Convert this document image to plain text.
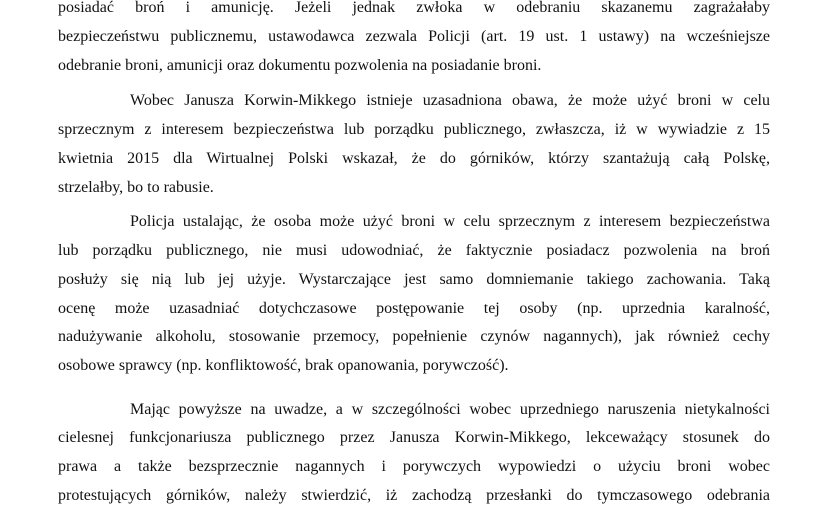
posiadać broń i amunicję. Jeżeli jednak zwłoka w odebraniu skazanemu zagrażałaby
bezpieczeństwu publicznemu, ustawodawca zezwala Policji (art. 19 ust. 1 ustawy) na wcześniejsze
odebranie broni, amunicji oraz dokumentu pozwolenia na posiadanie broni.
Wobec Janusza Korwin-Mikkego istnieje uzasadniona obawa, że może użyć broni w celu
sprzecznym z interesem bezpieczeństwa lub porządku publicznego, zwłaszcza, iż w wywiadzie z 15
kwietnia 2015 dla Wirtualnej Polski wskazał, że do górników, którzy szantażują całą Polskę,
strzelałby, bo to rabusie.
Policja ustalając, że osoba może użyć broni w celu sprzecznym z interesem bezpieczeństwa
lub porządku publicznego, nie musi udowodniać, że faktycznie posiadacz pozwolenia na broń
posłuży się nią lub jej użyje. Wystarczające jest samo domniemanie takiego zachowania. Taką
ocenę może uzasadniać dotychczasowe postępowanie tej osoby (np. uprzednia karalność,
nadużywanie alkoholu, stosowanie przemocy, popełnienie czynów nagannych), jak również cechy
osobowe sprawcy (np. konfliktowość, brak opanowania, porywczość).
Mając powyższe na uwadze, a w szczególności wobec uprzedniego naruszenia nietykalności
cielesnej funkcjonariusza publicznego przez Janusza Korwin-Mikkego, lekceważący stosunek do
prawa a także bezsprzecznie nagannych i porywczych wypowiedzi o użyciu broni wobec
protestujących górników, należy stwierdzić, iż zachodzą przesłanki do tymczasowego odebrania
